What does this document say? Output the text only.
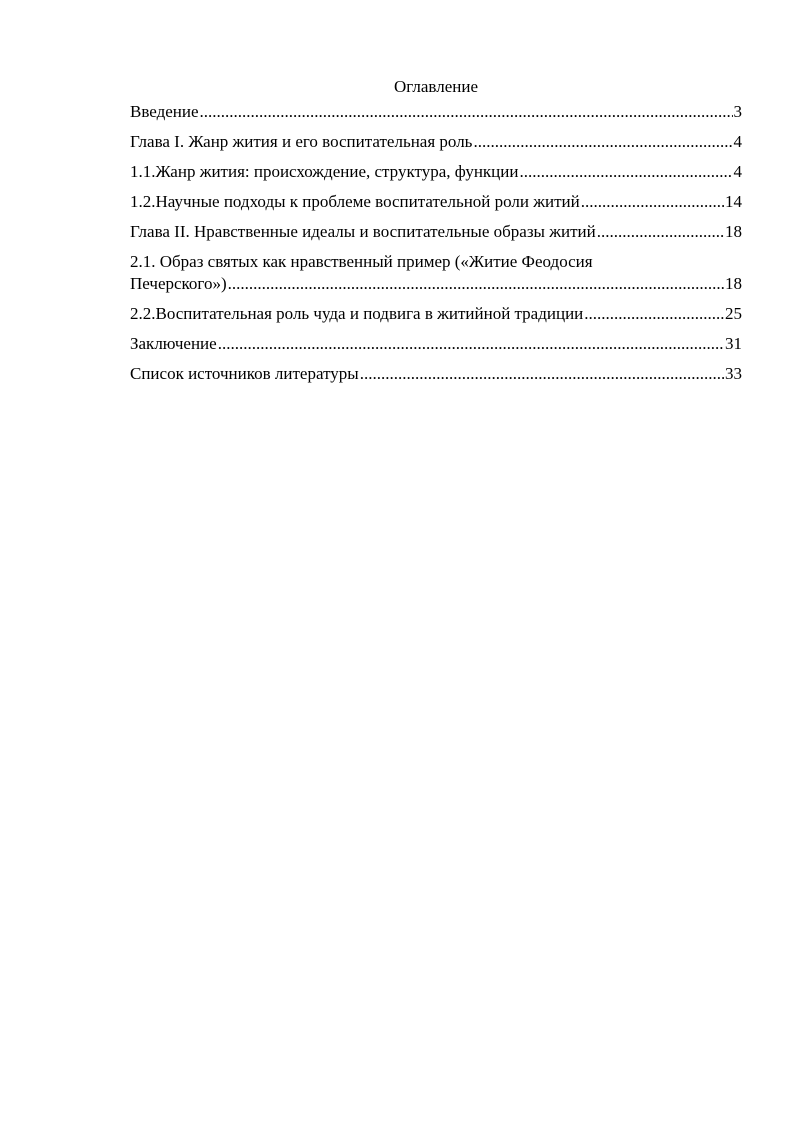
Оглавление
Введение .....	3
Глава I. Жанр жития и его воспитательная роль .....	4
1.1.Жанр жития: происхождение, структура, функции .....	4
1.2.Научные подходы к проблеме воспитательной роли житий .....	14
Глава II. Нравственные идеалы и воспитательные образы житий .....	18
2.1. Образ святых как нравственный пример («Житие Феодосия
Печерского») .....	18
2.2.Воспитательная роль чуда и подвига в житийной традиции .....	25
Заключение .....	31
Список источников литературы .....	33
